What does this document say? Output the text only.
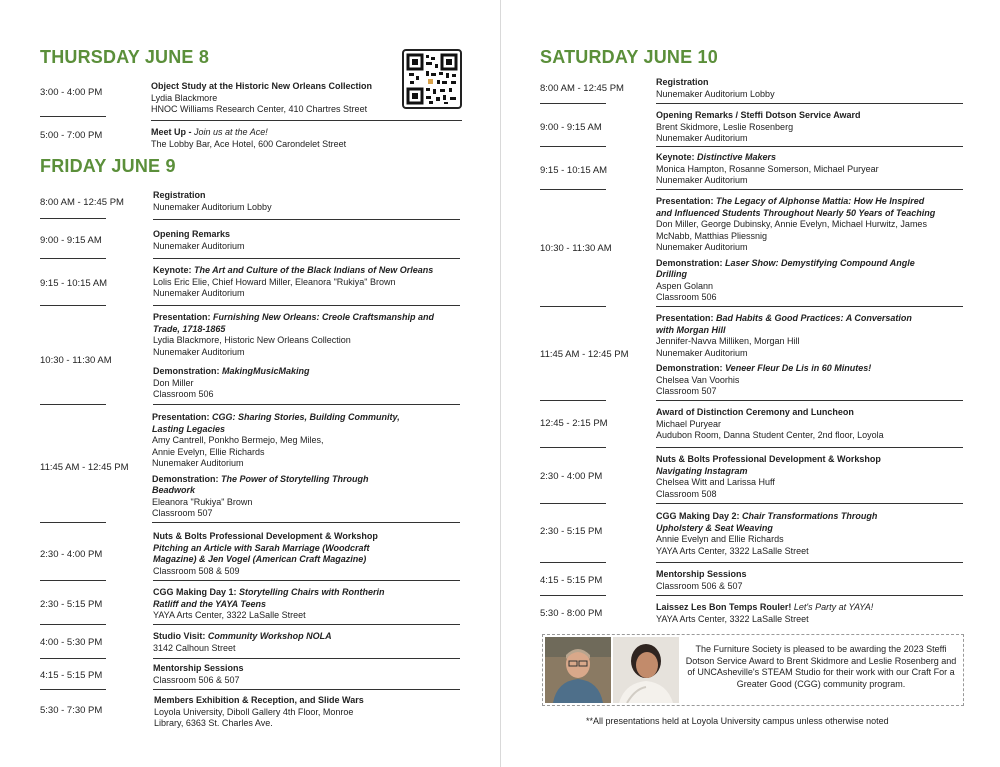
THURSDAY JUNE 8
3:00 - 4:00 PM
Object Study at the Historic New Orleans Collection
Lydia Blackmore
HNOC Williams Research Center, 410 Chartres Street
5:00 - 7:00 PM	Meet Up - Join us at the Ace!
The Lobby Bar, Ace Hotel, 600 Carondelet Street
FRIDAY JUNE 9
8:00 AM - 12:45 PM
Registration
Nunemaker Auditorium Lobby
9:00 - 9:15 AM
Opening Remarks
Nunemaker Auditorium
9:15 - 10:15 AM
Keynote: The Art and Culture of the Black Indians of New Orleans
Lolis Eric Elie, Chief Howard Miller, Eleanora "Rukiya" Brown
Nunemaker Auditorium
10:30 - 11:30 AM
Presentation: Furnishing New Orleans: Creole Craftsmanship and
Trade, 1718-1865
Lydia Blackmore, Historic New Orleans Collection
Nunemaker Auditorium
Demonstration: MakingMusicMaking
Don Miller
Classroom 506
11:45 AM - 12:45 PM
Presentation: CGG: Sharing Stories, Building Community,
Lasting Legacies
Amy Cantrell, Ponkho Bermejo, Meg Miles,
Annie Evelyn, Ellie Richards
Nunemaker Auditorium
Demonstration: The Power of Storytelling Through
Beadwork
Eleanora "Rukiya" Brown
Classroom 507
2:30 - 4:00 PM
Nuts & Bolts Professional Development & Workshop
Pitching an Article with Sarah Marriage (Woodcraft
Magazine) & Jen Vogel (American Craft Magazine)
Classroom 508 & 509
2:30 - 5:15 PM
CGG Making Day 1: Storytelling Chairs with Rontherin
Ratliff and the YAYA Teens
YAYA Arts Center, 3322 LaSalle Street
4:00 - 5:30 PM
Studio Visit: Community Workshop NOLA
3142 Calhoun Street
4:15 - 5:15 PM
Mentorship Sessions
Classroom 506 & 507
5:30 - 7:30 PM
Members Exhibition & Reception, and Slide Wars
Loyola University, Diboll Gallery 4th Floor, Monroe
Library, 6363 St. Charles Ave.
SATURDAY JUNE 10
8:00 AM - 12:45 PM
Registration
Nunemaker Auditorium Lobby
9:00 - 9:15 AM
Opening Remarks / Steffi Dotson Service Award
Brent Skidmore, Leslie Rosenberg
Nunemaker Auditorium
9:15 - 10:15 AM
Keynote: Distinctive Makers
Monica Hampton, Rosanne Somerson, Michael Puryear
Nunemaker Auditorium
10:30 - 11:30 AM
Presentation: The Legacy of Alphonse Mattia: How He Inspired
and Influenced Students Throughout Nearly 50 Years of Teaching
Don Miller, George Dubinsky, Annie Evelyn, Michael Hurwitz, James
McNabb, Matthias Pliessnig
Nunemaker Auditorium
Demonstration: Laser Show: Demystifying Compound Angle
Drilling
Aspen Golann
Classroom 506
11:45 AM - 12:45 PM
Presentation: Bad Habits & Good Practices: A Conversation
with Morgan Hill
Jennifer-Navva Milliken, Morgan Hill
Nunemaker Auditorium
Demonstration: Veneer Fleur De Lis in 60 Minutes!
Chelsea Van Voorhis
Classroom 507
12:45 - 2:15 PM
Award of Distinction Ceremony and Luncheon
Michael Puryear
Audubon Room, Danna Student Center, 2nd floor, Loyola
2:30 - 4:00 PM
Nuts & Bolts Professional Development & Workshop
Navigating Instagram
Chelsea Witt and Larissa Huff
Classroom 508
2:30 - 5:15 PM
CGG Making Day 2: Chair Transformations Through
Upholstery & Seat Weaving
Annie Evelyn and Ellie Richards
YAYA Arts Center, 3322 LaSalle Street
4:15 - 5:15 PM
Mentorship Sessions
Classroom 506 & 507
5:30 - 8:00 PM
Laissez Les Bon Temps Rouler! Let's Party at YAYA!
YAYA Arts Center, 3322 LaSalle Street
The Furniture Society is pleased to be awarding the 2023 Steffi Dotson Service Award to Brent Skidmore and Leslie Rosenberg and of UNCAsheville's STEAM Studio for their work with our Craft For a Greater Good (CGG) community program.
**All presentations held at Loyola University campus unless otherwise noted
